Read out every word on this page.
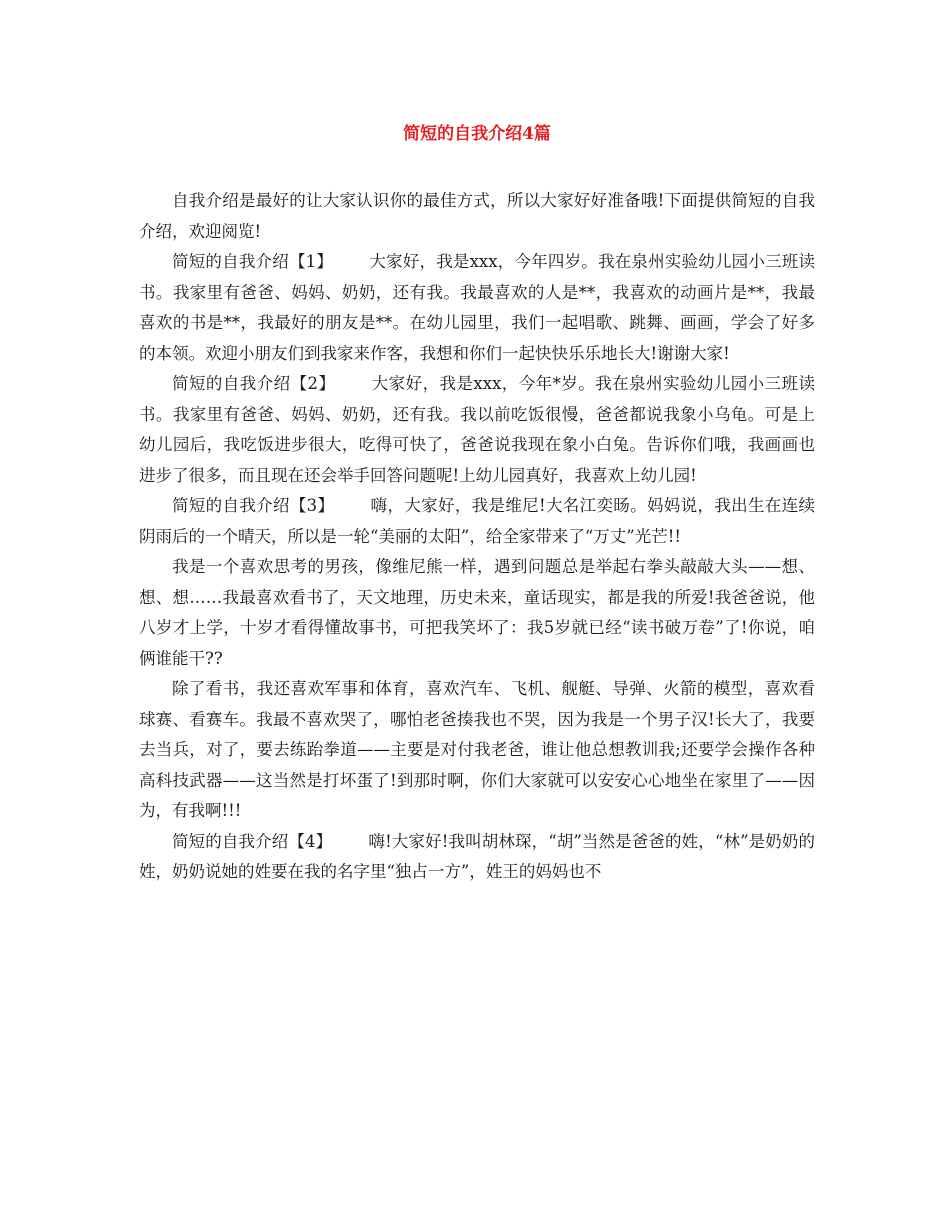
简短的自我介绍4篇

自我介绍是最好的让大家认识你的最佳方式，所以大家好好准备哦!下面提供简短的自我介绍，欢迎阅览!

简短的自我介绍【1】 大家好，我是xxx，今年四岁。我在泉州实验幼儿园小三班读书。我家里有爸爸、妈妈、奶奶，还有我。我最喜欢的人是**，我喜欢的动画片是**，我最喜欢的书是**，我最好的朋友是**。在幼儿园里，我们一起唱歌、跳舞、画画，学会了好多的本领。欢迎小朋友们到我家来作客，我想和你们一起快快乐乐地长大!谢谢大家!

简短的自我介绍【2】 大家好，我是xxx，今年*岁。我在泉州实验幼儿园小三班读书。我家里有爸爸、妈妈、奶奶，还有我。我以前吃饭很慢，爸爸都说我象小乌龟。可是上幼儿园后，我吃饭进步很大，吃得可快了，爸爸说我现在象小白兔。告诉你们哦，我画画也进步了很多，而且现在还会举手回答问题呢!上幼儿园真好，我喜欢上幼儿园!

简短的自我介绍【3】 嗨，大家好，我是维尼!大名江奕旸。妈妈说，我出生在连续阴雨后的一个晴天，所以是一轮“美丽的太阳”，给全家带来了“万丈”光芒!!

我是一个喜欢思考的男孩，像维尼熊一样，遇到问题总是举起右拳头敲敲大头——想、想、想……我最喜欢看书了，天文地理，历史未来，童话现实，都是我的所爱!我爸爸说，他八岁才上学，十岁才看得懂故事书，可把我笑坏了：我5岁就已经“读书破万卷”了!你说，咱俩谁能干??

除了看书，我还喜欢军事和体育，喜欢汽车、飞机、舰艇、导弹、火箭的模型，喜欢看球赛、看赛车。我最不喜欢哭了，哪怕老爸揍我也不哭，因为我是一个男子汉!长大了，我要去当兵，对了，要去练跆拳道——主要是对付我老爸，谁让他总想教训我;还要学会操作各种高科技武器——这当然是打坏蛋了!到那时啊，你们大家就可以安安心心地坐在家里了——因为，有我啊!!!

简短的自我介绍【4】 嗨!大家好!我叫胡林琛，“胡”当然是爸爸的姓，“林”是奶奶的姓，奶奶说她的姓要在我的名字里“独占一方”，姓王的妈妈也不
